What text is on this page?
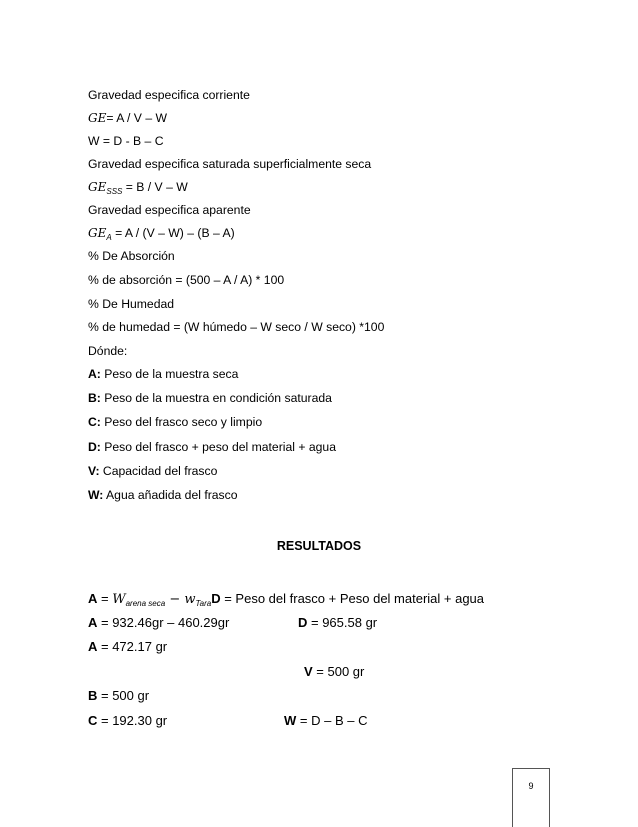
Gravedad especifica corriente
GE= A / V – W
W = D - B – C
Gravedad especifica saturada superficialmente seca
$GE_{SSS} = B / V - W$
Gravedad especifica aparente
$GE_A = A / (V - W) - (B - A)$
% De Absorción
% de absorción = (500 – A / A) * 100
% De Humedad
% de humedad = (W húmedo – W seco / W seco) *100
Dónde:
A: Peso de la muestra seca
B: Peso de la muestra en condición saturada
C: Peso del frasco seco y limpio
D: Peso del frasco + peso del material + agua
V: Capacidad del frasco
W: Agua añadida del frasco
RESULTADOS
$A = W_{arena seca} - w_{Tara}D$ = Peso del frasco + Peso del material + agua
A = 932.46gr – 460.29gr	D = 965.58 gr
A = 472.17 gr
V = 500 gr
B = 500 gr
C = 192.30 gr	W = D – B – C
9
